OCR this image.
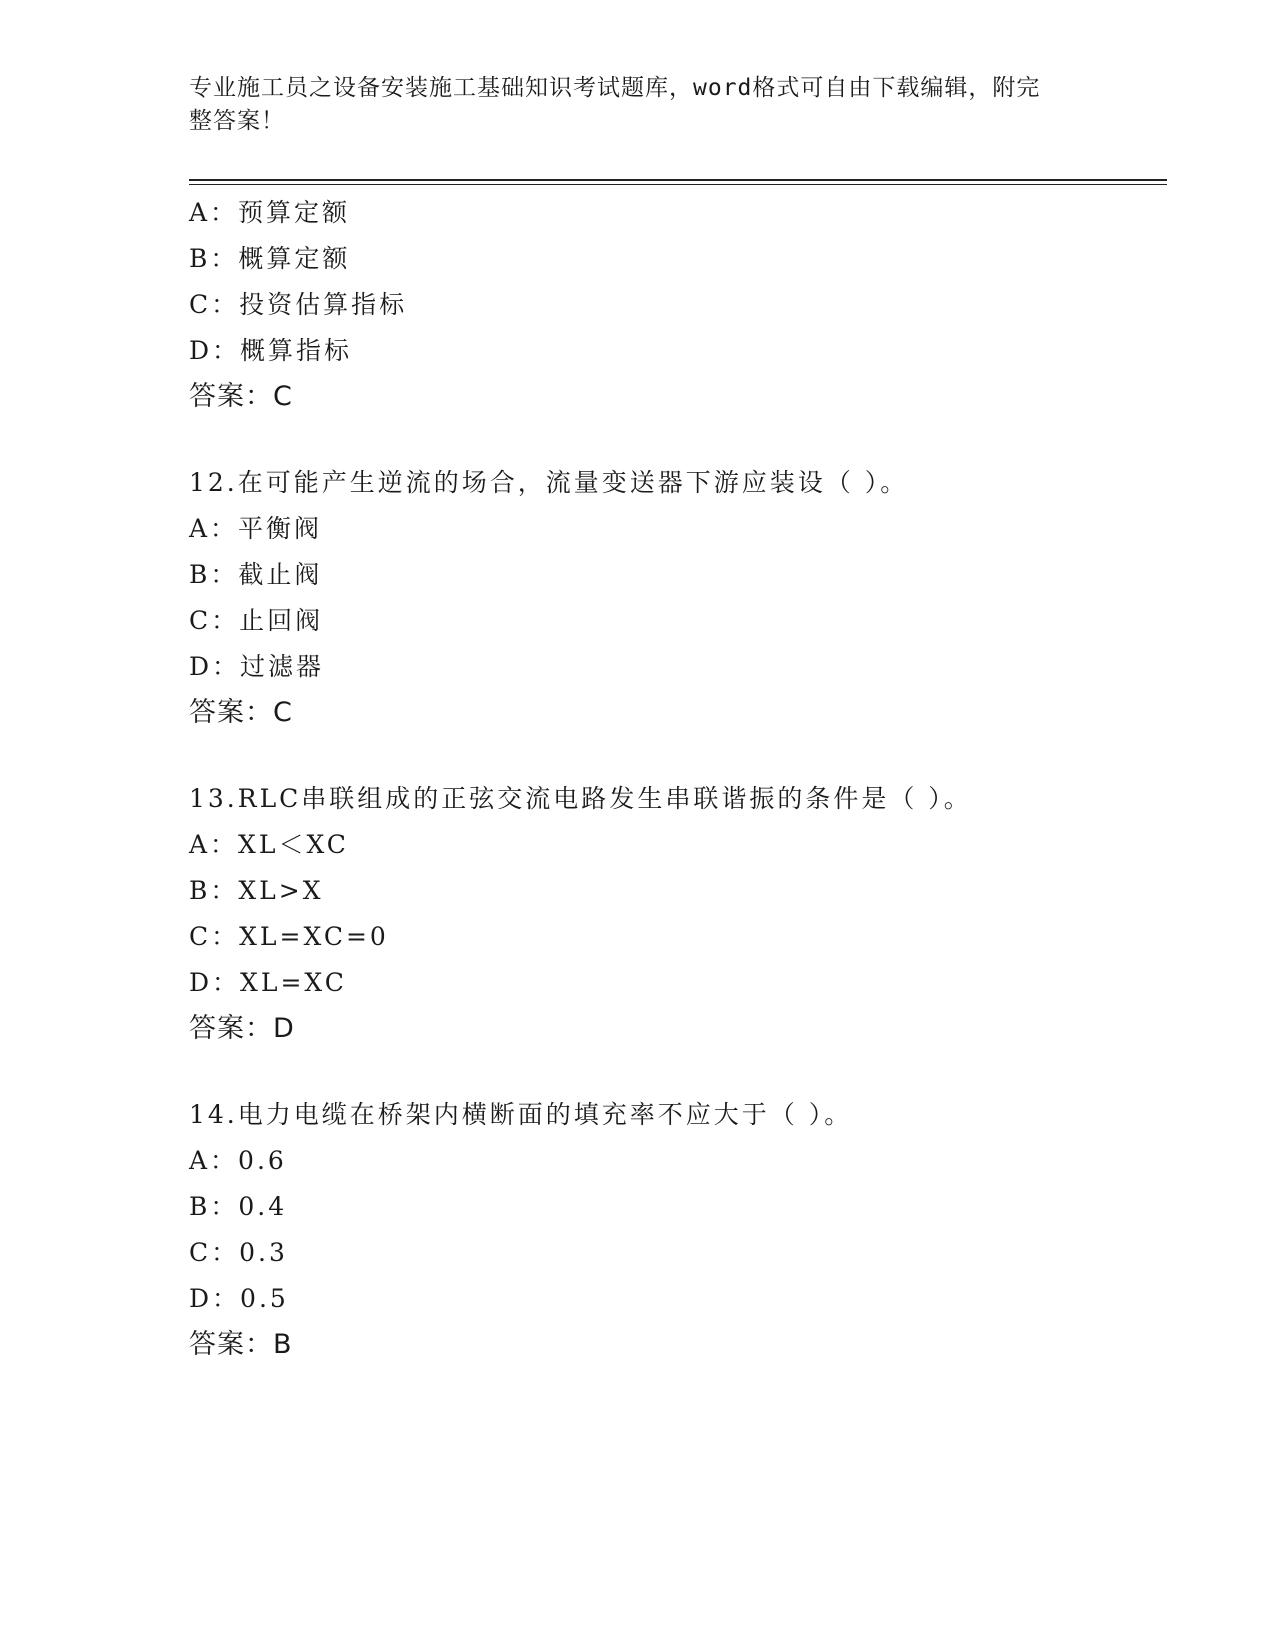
专业施工员之设备安装施工基础知识考试题库，word格式可自由下载编辑，附完
整答案！
A：预算定额
B：概算定额
C：投资估算指标
D：概算指标
答案：C
12.在可能产生逆流的场合，流量变送器下游应装设（ ）。
A：平衡阀
B：截止阀
C：止回阀
D：过滤器
答案：C
13.RLC串联组成的正弦交流电路发生串联谐振的条件是（ ）。
A：XL＜XC
B：XL>X
C：XL=XC=0
D：XL=XC
答案：D
14.电力电缆在桥架内横断面的填充率不应大于（ ）。
A：0.6
B：0.4
C：0.3
D：0.5
答案：B
